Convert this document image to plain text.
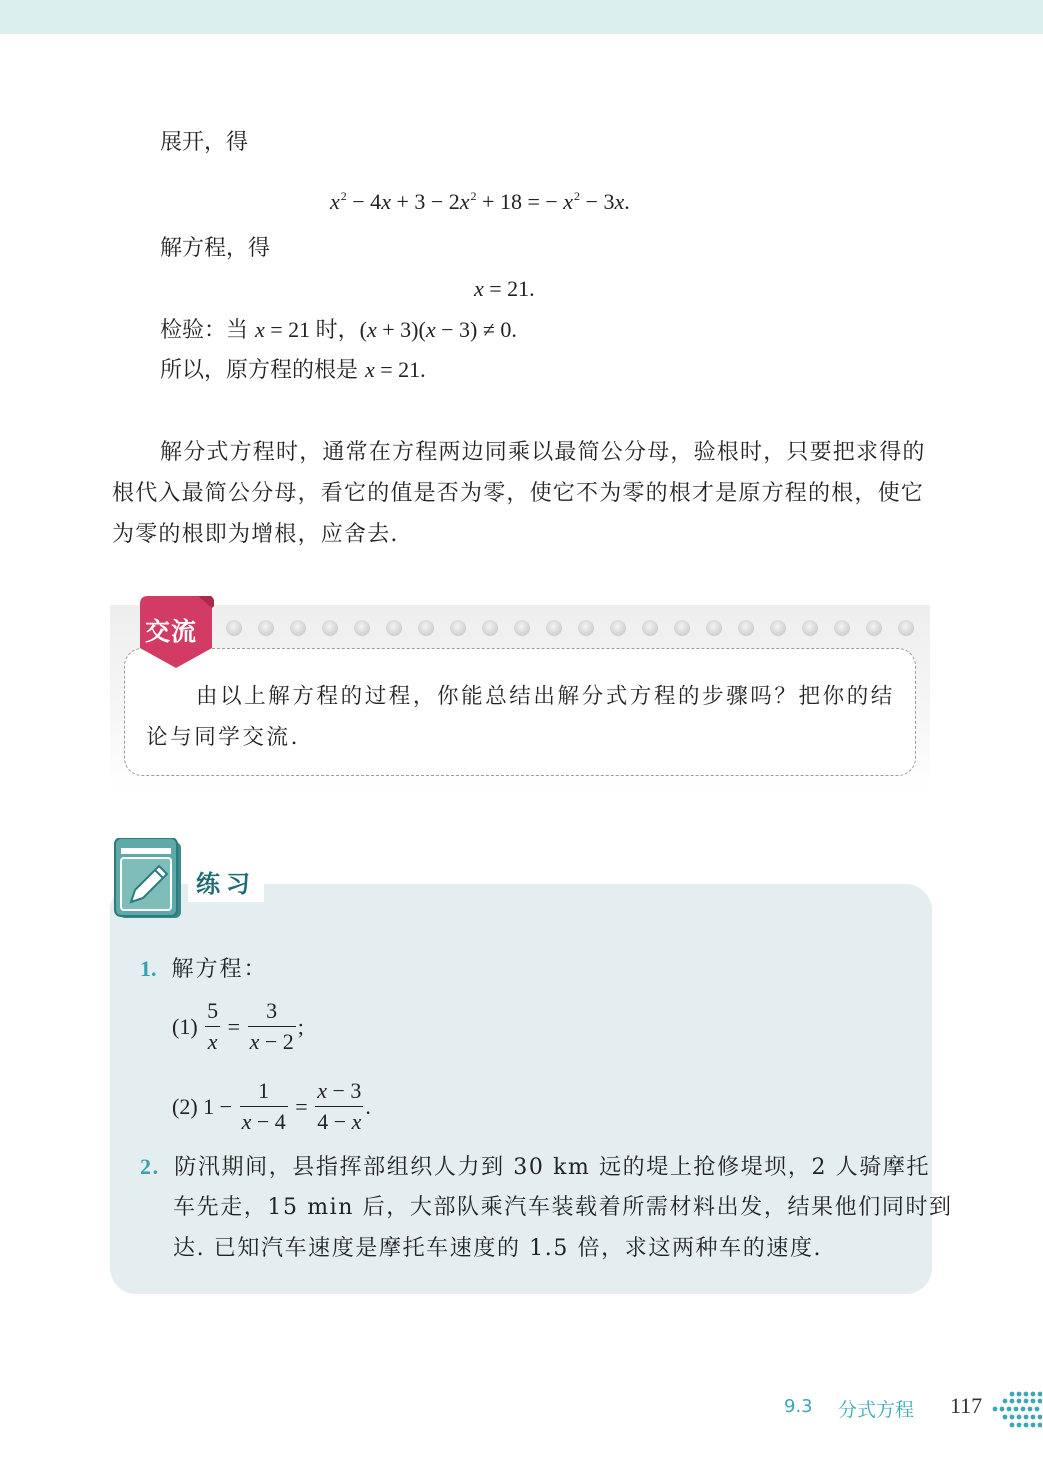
展开，得
$x^2 - 4x + 3 - 2x^2 + 18$ = − $x^2 - 3x$.
解方程，得
x = 21.
检验：当 x = 21 时，(x + 3)(x − 3) ≠ 0.
所以，原方程的根是 x = 21.
解分式方程时，通常在方程两边同乘以最简公分母，验根时，只要把求得的根代入最简公分母，看它的值是否为零，使它不为零的根才是原方程的根，使它为零的根即为增根，应舍去.
交流
由以上解方程的过程，你能总结出解分式方程的步骤吗？把你的结论与同学交流.
练习
1. 解方程：
$(1) \frac{5}{x} = \frac{3}{x - 2}$ ;
(2) $1 - \frac{1}{x - 4} = \frac{x - 3}{4 - x}$ .
2. 防汛期间，县指挥部组织人力到 30 km 远的堤上抢修堤坝，2 人骑摩托
车先走，15 min 后，大部队乘汽车装载着所需材料出发，结果他们同时到
达. 已知汽车速度是摩托车速度的 1.5 倍，求这两种车的速度.
9.3 分式方程 117
